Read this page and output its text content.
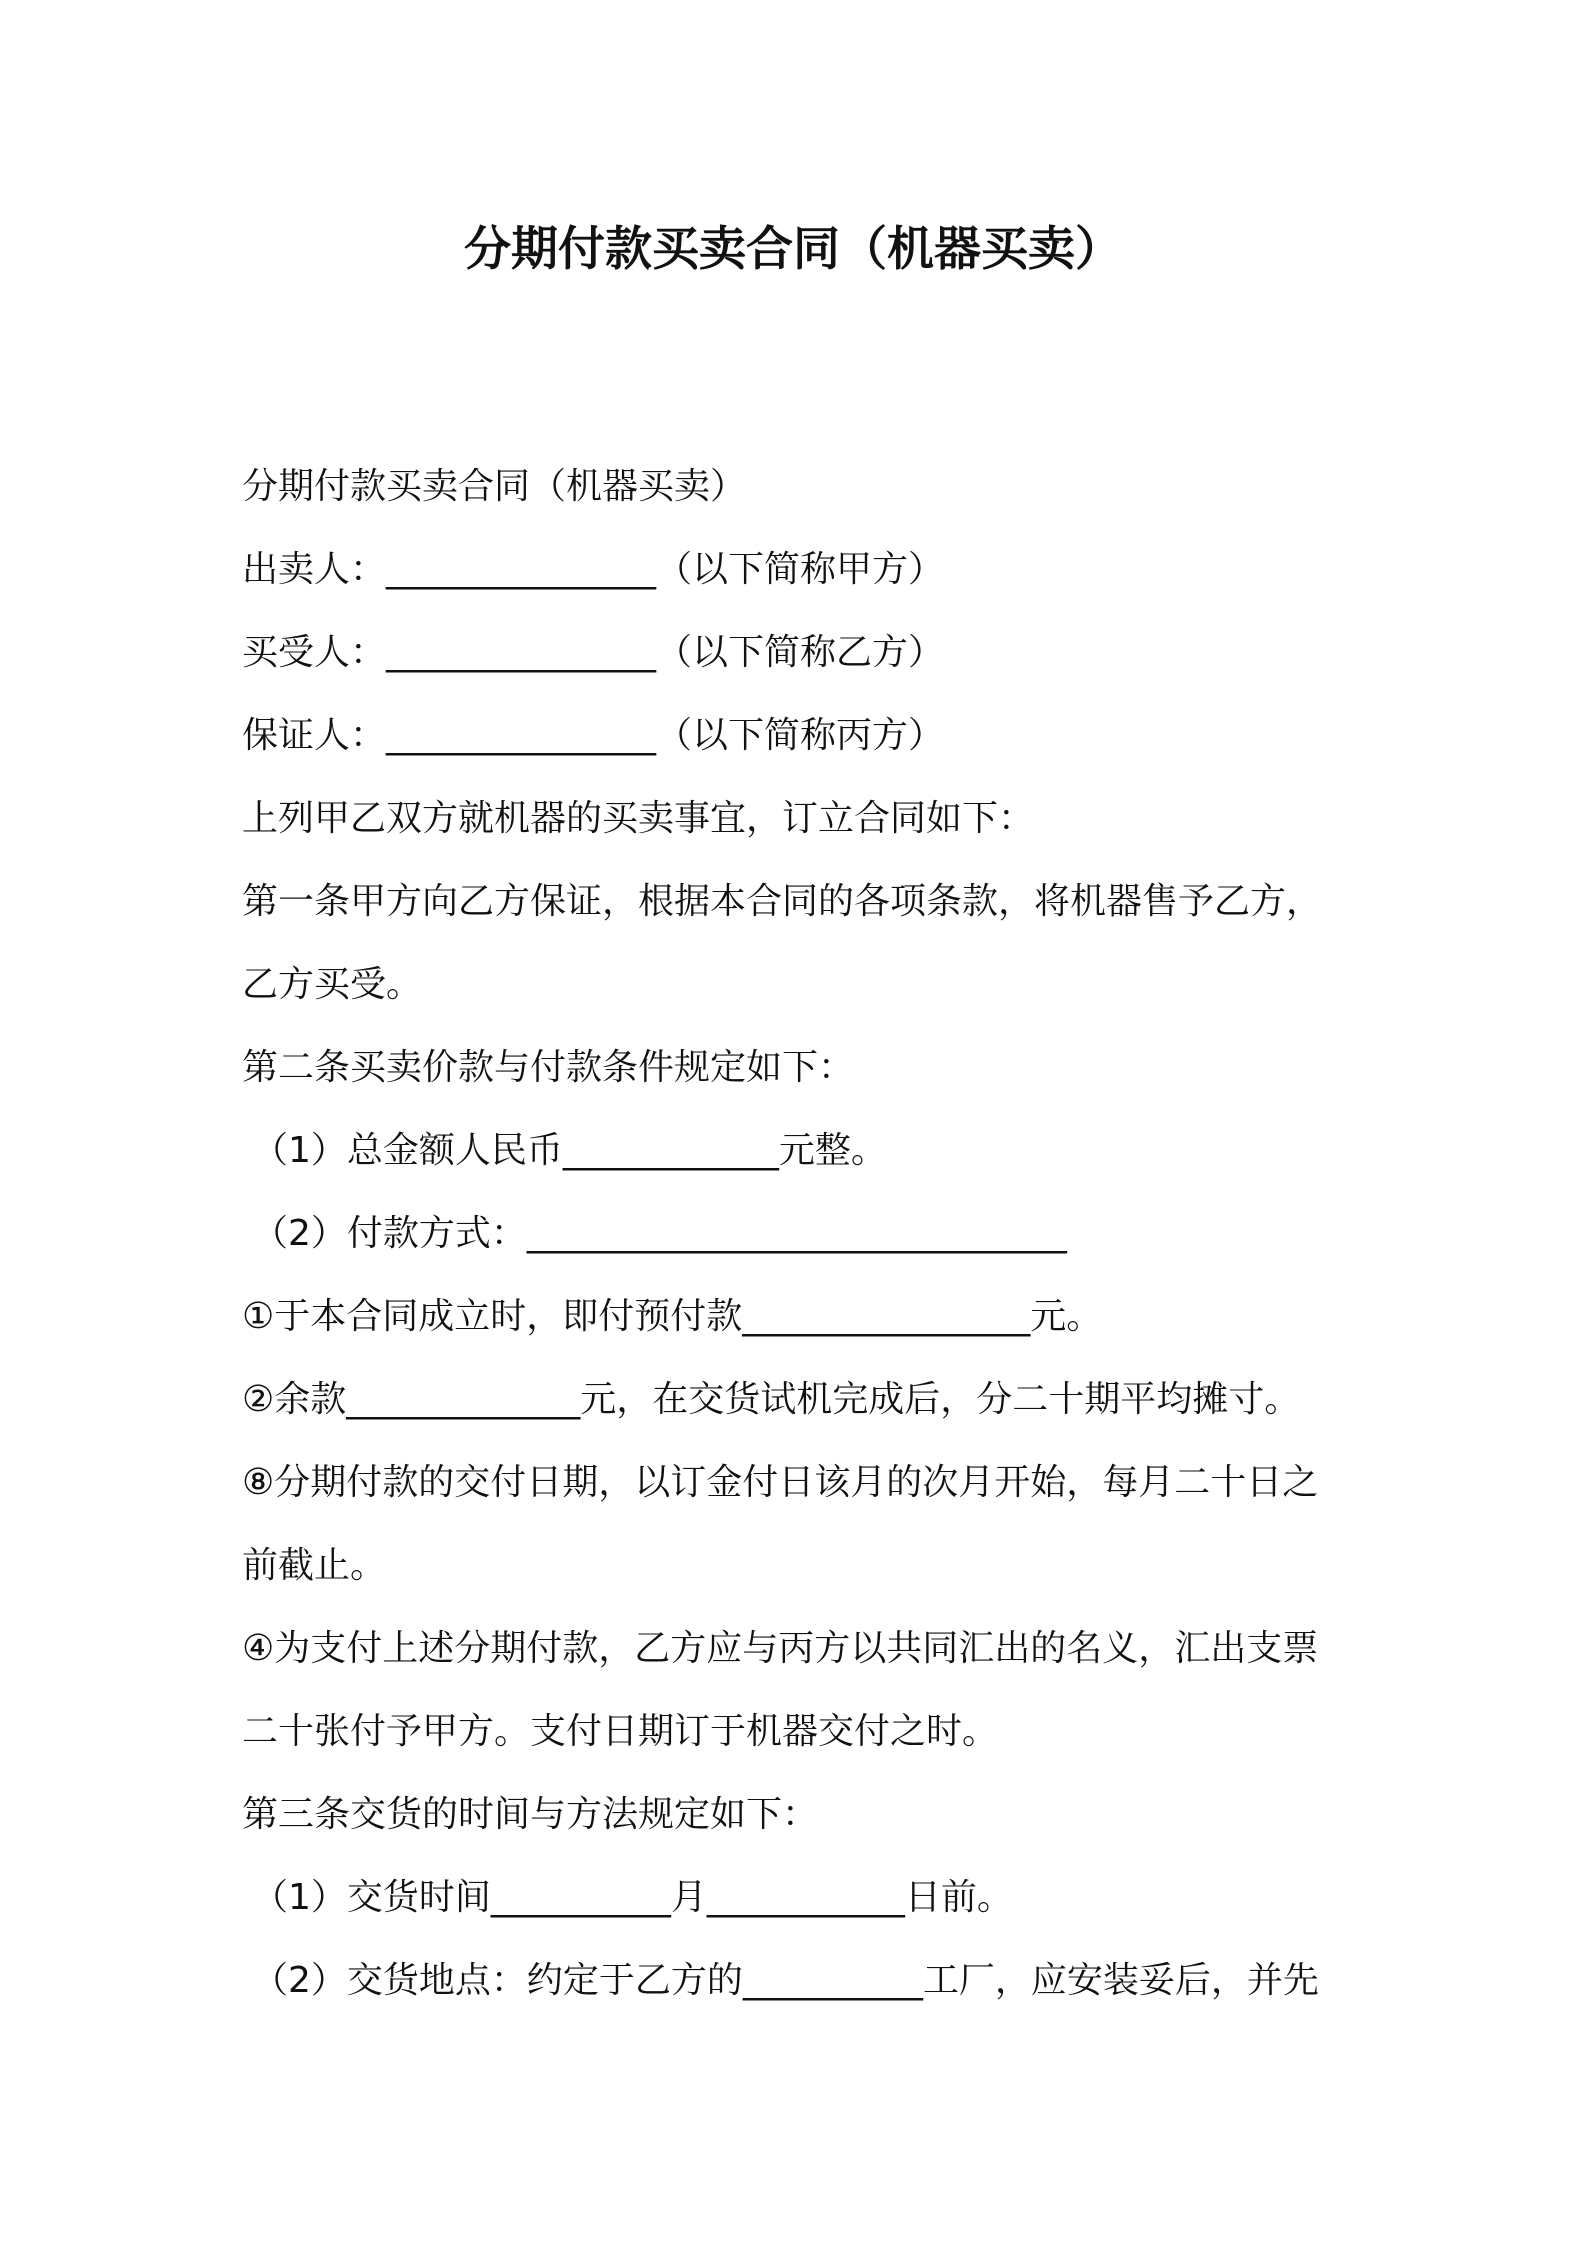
分期付款买卖合同（机器买卖）
分期付款买卖合同（机器买卖）
出卖人：_______________（以下简称甲方）
买受人：_______________（以下简称乙方）
保证人：_______________（以下简称丙方）
上列甲乙双方就机器的买卖事宜，订立合同如下：
第一条甲方向乙方保证，根据本合同的各项条款，将机器售予乙方，
乙方买受。
第二条买卖价款与付款条件规定如下：
（1）总金额人民币____________元整。
（2）付款方式：______________________________
①于本合同成立时，即付预付款________________元。
②余款_____________元，在交货试机完成后，分二十期平均摊寸。
⑧分期付款的交付日期，以订金付日该月的次月开始，每月二十日之
前截止。
④为支付上述分期付款，乙方应与丙方以共同汇出的名义，汇出支票
二十张付予甲方。支付日期订于机器交付之时。
第三条交货的时间与方法规定如下：
（1）交货时间__________月___________日前。
（2）交货地点：约定于乙方的__________工厂，应安装妥后，并先
